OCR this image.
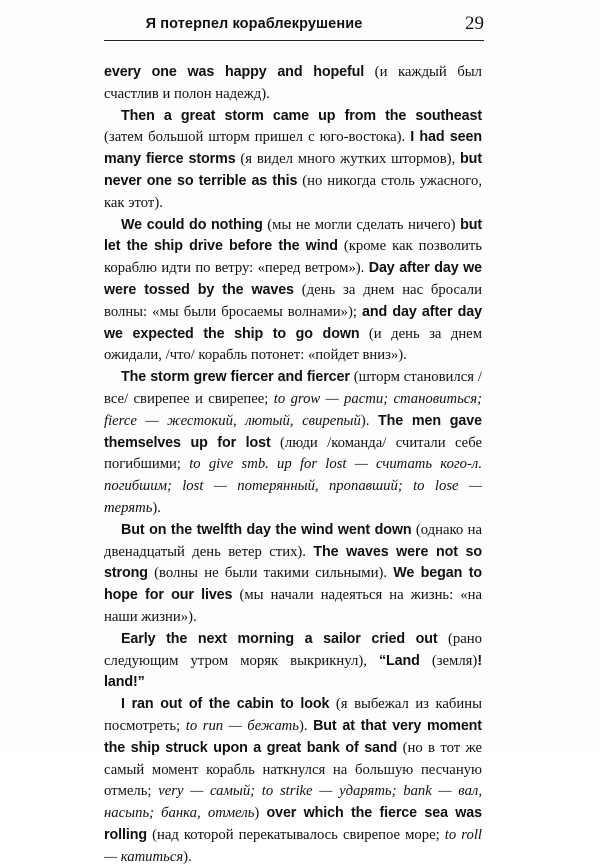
Я потерпел кораблекрушение	29

every one was happy and hopeful (и каждый был счастлив и полон надежд).

Then a great storm came up from the southeast (затем большой шторм пришел с юго-востока). I had seen many fierce storms (я видел много жутких штормов), but never one so terrible as this (но никогда столь ужасного, как этот).

We could do nothing (мы не могли сделать ничего) but let the ship drive before the wind (кроме как позволить кораблю идти по ветру: «перед ветром»). Day after day we were tossed by the waves (день за днем нас бросали волны: «мы были бросаемы волнами»); and day after day we expected the ship to go down (и день за днем ожидали, /что/ корабль потонет: «пойдет вниз»).

The storm grew fiercer and fiercer (шторм становился /все/ свирепее и свирепее; to grow — расти; становиться; fierce — жестокий, лютый, свирепый). The men gave themselves up for lost (люди /команда/ считали себе погибшими; to give smb. up for lost — считать кого-л. погибшим; lost — потерянный, пропавший; to lose — терять).

But on the twelfth day the wind went down (однако на двенадцатый день ветер стих). The waves were not so strong (волны не были такими сильными). We began to hope for our lives (мы начали надеяться на жизнь: «на наши жизни»).

Early the next morning a sailor cried out (рано следующим утром моряк выкрикнул), “Land (земля)! land!”

I ran out of the cabin to look (я выбежал из кабины посмотреть; to run — бежать). But at that very moment the ship struck upon a great bank of sand (но в тот же самый момент корабль наткнулся на большую песчаную отмель; very — самый; to strike — ударять; bank — вал, насыпь; банка, отмель) over which the fierce sea was rolling (над которой перекатывалось свирепое море; to roll — катиться).
